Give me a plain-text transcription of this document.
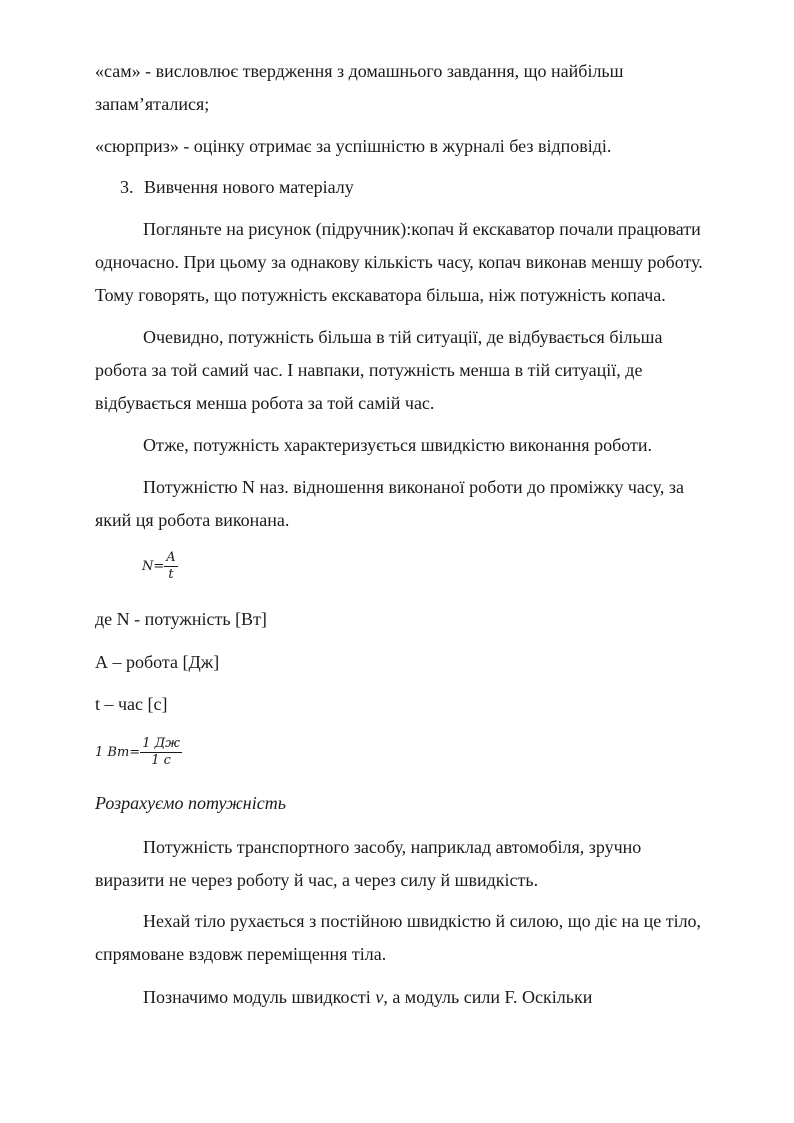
«сам» - висловлює твердження з домашнього завдання, що найбільш

запам’яталися;

«сюрприз» - оцінку отримає за успішністю в журналі без відповіді.

3. Вивчення нового матеріалу

Погляньте на рисунок (підручник):копач й екскаватор почали працювати

одночасно. При цьому за однакову кількість часу, копач виконав меншу роботу.

Тому говорять, що потужність екскаватора більша, ніж потужність копача.

Очевидно, потужність більша в тій ситуації, де відбувається більша

робота за той самий час. І навпаки, потужність менша в тій ситуації, де

відбувається менша робота за той самій час.

Отже, потужність характеризується швидкістю виконання роботи.

Потужністю N наз. відношення виконаної роботи до проміжку часу, за

який ця робота виконана.

$N= \frac{A}{t}$

де N - потужність [Вт]

А – робота [Дж]

t – час [с]

1 $Вт= \frac{1 Дж}{1 с}$

Розрахуємо потужність

Потужність транспортного засобу, наприклад автомобіля, зручно

виразити не через роботу й час, а через силу й швидкість.

Нехай тіло рухається з постійною швидкістю й силою, що діє на це тіло,

спрямоване вздовж переміщення тіла.

Позначимо модуль швидкості v, а модуль сили F. Оскільки
